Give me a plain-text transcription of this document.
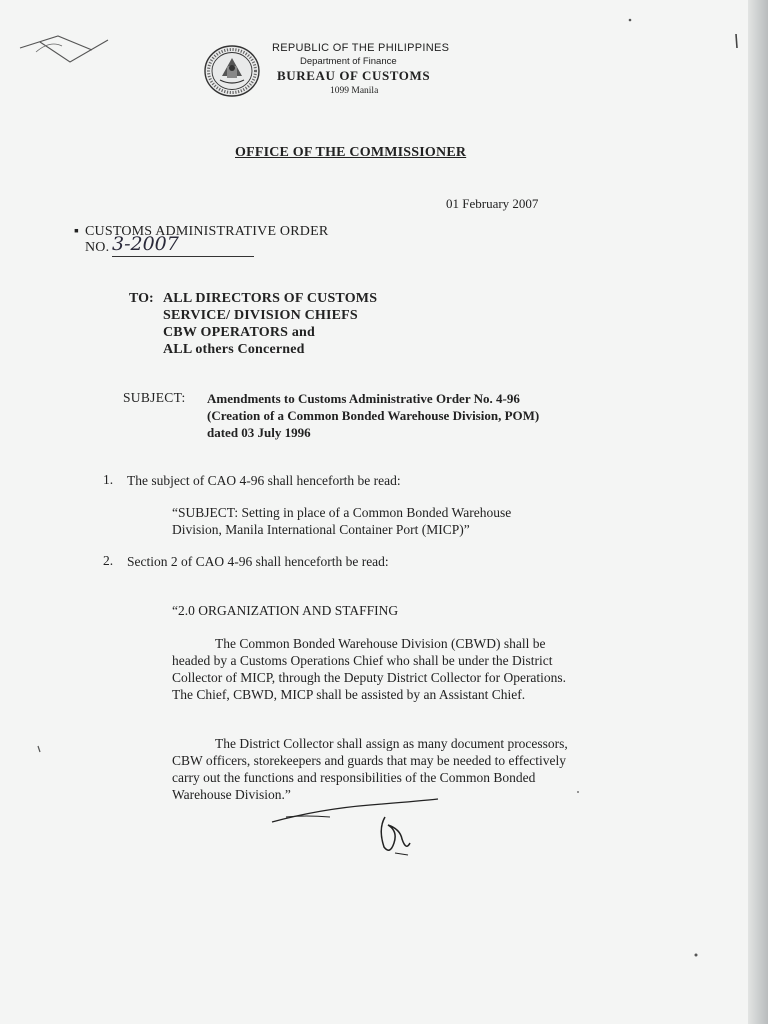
REPUBLIC OF THE PHILIPPINES
Department of Finance
BUREAU OF CUSTOMS
1099 Manila
OFFICE OF THE COMMISSIONER
01 February 2007
▪ CUSTOMS ADMINISTRATIVE ORDER
NO. 3-2007
TO: ALL DIRECTORS OF CUSTOMS
SERVICE/ DIVISION CHIEFS
CBW OPERATORS and
ALL others Concerned
SUBJECT: Amendments to Customs Administrative Order No. 4-96
(Creation of a Common Bonded Warehouse Division, POM)
dated 03 July 1996
1. The subject of CAO 4-96 shall henceforth be read:
“SUBJECT: Setting in place of a Common Bonded Warehouse
Division, Manila International Container Port (MICP)”
2. Section 2 of CAO 4-96 shall henceforth be read:
“2.0 ORGANIZATION AND STAFFING
The Common Bonded Warehouse Division (CBWD) shall be
headed by a Customs Operations Chief who shall be under the District
Collector of MICP, through the Deputy District Collector for Operations.
The Chief, CBWD, MICP shall be assisted by an Assistant Chief.
The District Collector shall assign as many document processors,
CBW officers, storekeepers and guards that may be needed to effectively
carry out the functions and responsibilities of the Common Bonded
Warehouse Division.”
